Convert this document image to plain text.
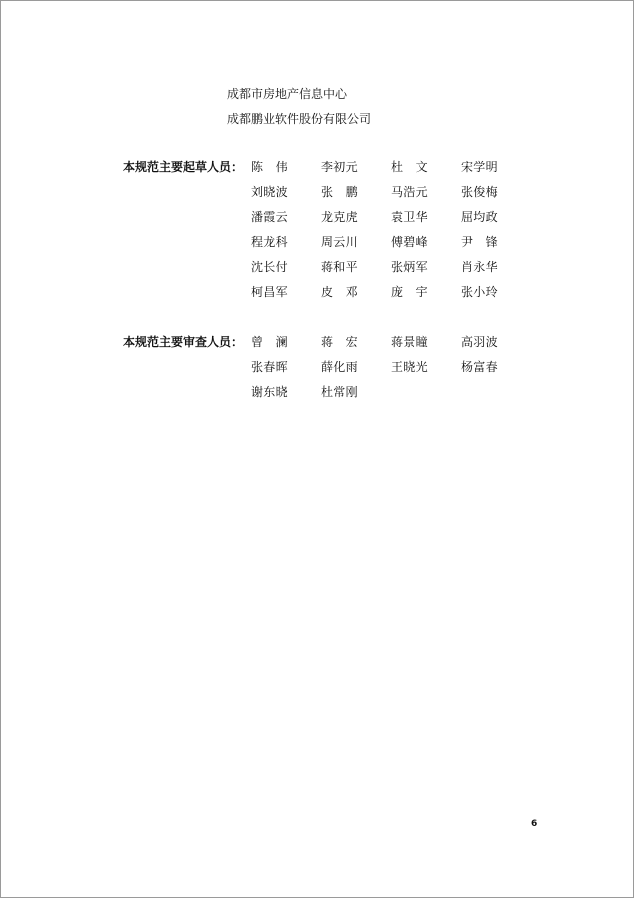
成都市房地产信息中心
成都鹏业软件股份有限公司
本规范主要起草人员： 陈　伟	李初元	杜　文	宋学明
刘晓波	张　鹏	马浩元	张俊梅
潘霞云	龙克虎	袁卫华	屈均政
程龙科	周云川	傅碧峰	尹　锋
沈长付	蒋和平	张炳军	肖永华
柯昌军	皮　邓	庞　宇	张小玲
本规范主要审查人员： 曾　澜	蒋　宏	蒋景瞳	高羽波
张春晖	薛化雨	王晓光	杨富春
谢东晓	杜常刚
6
